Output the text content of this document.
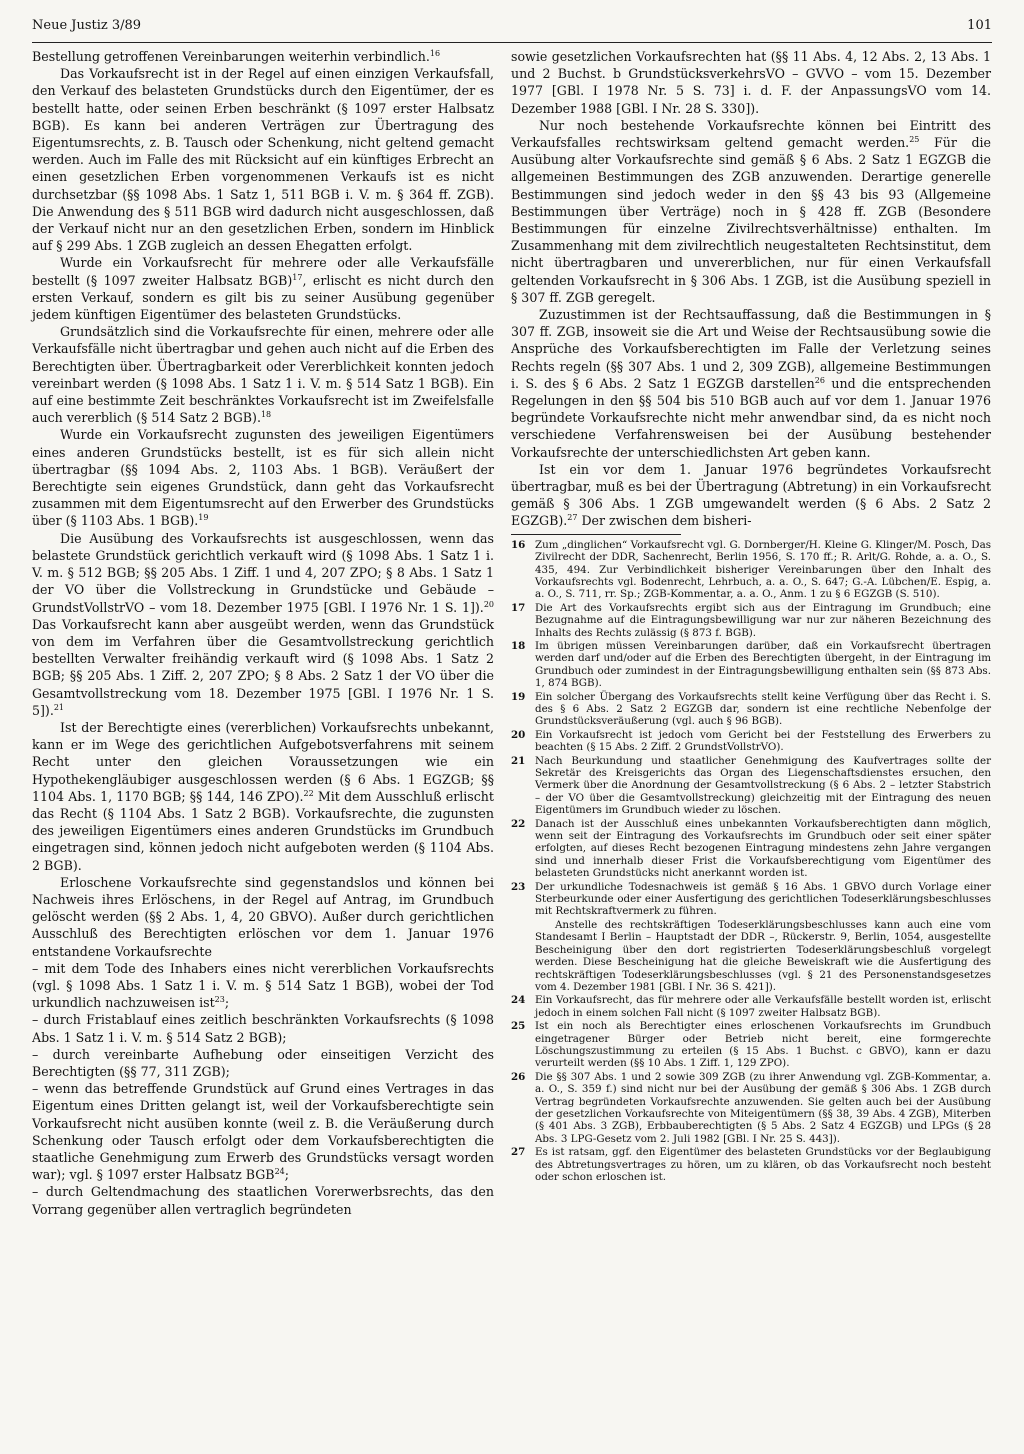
Neue Justiz 3/89	101

Bestellung getroffenen Vereinbarungen weiterhin verbindlich.$^{16}$

Das Vorkaufsrecht ist in der Regel auf einen einzigen Verkaufsfall, den Verkauf des belasteten Grundstücks durch den Eigentümer, der es bestellt hatte, oder seinen Erben beschränkt (§ 1097 erster Halbsatz BGB). Es kann bei anderen Verträgen zur Übertragung des Eigentumsrechts, z. B. Tausch oder Schenkung, nicht geltend gemacht werden. Auch im Falle des mit Rücksicht auf ein künftiges Erbrecht an einen gesetzlichen Erben vorgenommenen Verkaufs ist es nicht durchsetzbar (§§ 1098 Abs. 1 Satz 1, 511 BGB i. V. m. § 364 ff. ZGB). Die Anwendung des § 511 BGB wird dadurch nicht ausgeschlossen, daß der Verkauf nicht nur an den gesetzlichen Erben, sondern im Hinblick auf § 299 Abs. 1 ZGB zugleich an dessen Ehegatten erfolgt.

Wurde ein Vorkaufsrecht für mehrere oder alle Verkaufsfälle bestellt (§ 1097 zweiter Halbsatz BGB)$^{17}$, erlischt es nicht durch den ersten Verkauf, sondern es gilt bis zu seiner Ausübung gegenüber jedem künftigen Eigentümer des belasteten Grundstücks.

Grundsätzlich sind die Vorkaufsrechte für einen, mehrere oder alle Verkaufsfälle nicht übertragbar und gehen auch nicht auf die Erben des Berechtigten über. Übertragbarkeit oder Vererblichkeit konnten jedoch vereinbart werden (§ 1098 Abs. 1 Satz 1 i. V. m. § 514 Satz 1 BGB). Ein auf eine bestimmte Zeit beschränktes Vorkaufsrecht ist im Zweifelsfalle auch vererblich (§ 514 Satz 2 BGB).$^{18}$

Wurde ein Vorkaufsrecht zugunsten des jeweiligen Eigentümers eines anderen Grundstücks bestellt, ist es für sich allein nicht übertragbar (§§ 1094 Abs. 2, 1103 Abs. 1 BGB). Veräußert der Berechtigte sein eigenes Grundstück, dann geht das Vorkaufsrecht zusammen mit dem Eigentumsrecht auf den Erwerber des Grundstücks über (§ 1103 Abs. 1 BGB).$^{19}$

Die Ausübung des Vorkaufsrechts ist ausgeschlossen, wenn das belastete Grundstück gerichtlich verkauft wird (§ 1098 Abs. 1 Satz 1 i. V. m. § 512 BGB; §§ 205 Abs. 1 Ziff. 1 und 4, 207 ZPO; § 8 Abs. 1 Satz 1 der VO über die Vollstreckung in Grundstücke und Gebäude – GrundstVollstrVO – vom 18. Dezember 1975 [GBl. I 1976 Nr. 1 S. 1]).$^{20}$ Das Vorkaufsrecht kann aber ausgeübt werden, wenn das Grundstück von dem im Verfahren über die Gesamtvollstreckung gerichtlich bestellten Verwalter freihändig verkauft wird (§ 1098 Abs. 1 Satz 2 BGB; §§ 205 Abs. 1 Ziff. 2, 207 ZPO; § 8 Abs. 2 Satz 1 der VO über die Gesamtvollstreckung vom 18. Dezember 1975 [GBl. I 1976 Nr. 1 S. 5]).$^{21}$

Ist der Berechtigte eines (vererblichen) Vorkaufsrechts unbekannt, kann er im Wege des gerichtlichen Aufgebotsverfahrens mit seinem Recht unter den gleichen Voraussetzungen wie ein Hypothekengläubiger ausgeschlossen werden (§ 6 Abs. 1 EGZGB; §§ 1104 Abs. 1, 1170 BGB; §§ 144, 146 ZPO).$^{22}$ Mit dem Ausschluß erlischt das Recht (§ 1104 Abs. 1 Satz 2 BGB). Vorkaufsrechte, die zugunsten des jeweiligen Eigentümers eines anderen Grundstücks im Grundbuch eingetragen sind, können jedoch nicht aufgeboten werden (§ 1104 Abs. 2 BGB).

Erloschene Vorkaufsrechte sind gegenstandslos und können bei Nachweis ihres Erlöschens, in der Regel auf Antrag, im Grundbuch gelöscht werden (§§ 2 Abs. 1, 4, 20 GBVO). Außer durch gerichtlichen Ausschluß des Berechtigten erlöschen vor dem 1. Januar 1976 entstandene Vorkaufsrechte

– mit dem Tode des Inhabers eines nicht vererblichen Vorkaufsrechts (vgl. § 1098 Abs. 1 Satz 1 i. V. m. § 514 Satz 1 BGB), wobei der Tod urkundlich nachzuweisen ist$^{23}$;

– durch Fristablauf eines zeitlich beschränkten Vorkaufsrechts (§ 1098 Abs. 1 Satz 1 i. V. m. § 514 Satz 2 BGB);

– durch vereinbarte Aufhebung oder einseitigen Verzicht des Berechtigten (§§ 77, 311 ZGB);

– wenn das betreffende Grundstück auf Grund eines Vertrages in das Eigentum eines Dritten gelangt ist, weil der Vorkaufsberechtigte sein Vorkaufsrecht nicht ausüben konnte (weil z. B. die Veräußerung durch Schenkung oder Tausch erfolgt oder dem Vorkaufsberechtigten die staatliche Genehmigung zum Erwerb des Grundstücks versagt worden war); vgl. § 1097 erster Halbsatz BGB$^{24}$;

– durch Geltendmachung des staatlichen Vorerwerbsrechts, das den Vorrang gegenüber allen vertraglich begründeten

sowie gesetzlichen Vorkaufsrechten hat (§§ 11 Abs. 4, 12 Abs. 2, 13 Abs. 1 und 2 Buchst. b GrundstücksverkehrsVO – GVVO – vom 15. Dezember 1977 [GBl. I 1978 Nr. 5 S. 73] i. d. F. der AnpassungsVO vom 14. Dezember 1988 [GBl. I Nr. 28 S. 330]).

Nur noch bestehende Vorkaufsrechte können bei Eintritt des Verkaufsfalles rechtswirksam geltend gemacht werden.$^{25}$ Für die Ausübung alter Vorkaufsrechte sind gemäß § 6 Abs. 2 Satz 1 EGZGB die allgemeinen Bestimmungen des ZGB anzuwenden. Derartige generelle Bestimmungen sind jedoch weder in den §§ 43 bis 93 (Allgemeine Bestimmungen über Verträge) noch in § 428 ff. ZGB (Besondere Bestimmungen für einzelne Zivilrechtsverhältnisse) enthalten. Im Zusammenhang mit dem zivilrechtlich neugestalteten Rechtsinstitut, dem nicht übertragbaren und unvererblichen, nur für einen Verkaufsfall geltenden Vorkaufsrecht in § 306 Abs. 1 ZGB, ist die Ausübung speziell in § 307 ff. ZGB geregelt.

Zuzustimmen ist der Rechtsauffassung, daß die Bestimmungen in § 307 ff. ZGB, insoweit sie die Art und Weise der Rechtsausübung sowie die Ansprüche des Vorkaufsberechtigten im Falle der Verletzung seines Rechts regeln (§§ 307 Abs. 1 und 2, 309 ZGB), allgemeine Bestimmungen i. S. des § 6 Abs. 2 Satz 1 EGZGB darstellen$^{26}$ und die entsprechenden Regelungen in den §§ 504 bis 510 BGB auch auf vor dem 1. Januar 1976 begründete Vorkaufsrechte nicht mehr anwendbar sind, da es nicht noch verschiedene Verfahrensweisen bei der Ausübung bestehender Vorkaufsrechte der unterschiedlichsten Art geben kann.

Ist ein vor dem 1. Januar 1976 begründetes Vorkaufsrecht übertragbar, muß es bei der Übertragung (Abtretung) in ein Vorkaufsrecht gemäß § 306 Abs. 1 ZGB umgewandelt werden (§ 6 Abs. 2 Satz 2 EGZGB).$^{27}$ Der zwischen dem bisheri-

16 Zum „dinglichen“ Vorkaufsrecht vgl. G. Dornberger/H. Kleine G. Klinger/M. Posch, Das Zivilrecht der DDR, Sachenrecht, Berlin 1956, S. 170 ff.; R. Arlt/G. Rohde, a. a. O., S. 435, 494. Zur Verbindlichkeit bisheriger Vereinbarungen über den Inhalt des Vorkaufsrechts vgl. Bodenrecht, Lehrbuch, a. a. O., S. 647; G.-A. Lübchen/E. Espig, a. a. O., S. 711, rr. Sp.; ZGB-Kommentar, a. a. O., Anm. 1 zu § 6 EGZGB (S. 510).
17 Die Art des Vorkaufsrechts ergibt sich aus der Eintragung im Grundbuch; eine Bezugnahme auf die Eintragungsbewilligung war nur zur näheren Bezeichnung des Inhalts des Rechts zulässig (§ 873 f. BGB).
18 Im übrigen müssen Vereinbarungen darüber, daß ein Vorkaufsrecht übertragen werden darf und/oder auf die Erben des Berechtigten übergeht, in der Eintragung im Grundbuch oder zumindest in der Eintragungsbewilligung enthalten sein (§§ 873 Abs. 1, 874 BGB).
19 Ein solcher Übergang des Vorkaufsrechts stellt keine Verfügung über das Recht i. S. des § 6 Abs. 2 Satz 2 EGZGB dar, sondern ist eine rechtliche Nebenfolge der Grundstücksveräußerung (vgl. auch § 96 BGB).
20 Ein Vorkaufsrecht ist jedoch vom Gericht bei der Feststellung des Erwerbers zu beachten (§ 15 Abs. 2 Ziff. 2 GrundstVollstrVO).
21 Nach Beurkundung und staatlicher Genehmigung des Kaufvertrages sollte der Sekretär des Kreisgerichts das Organ des Liegenschaftsdienstes ersuchen, den Vermerk über die Anordnung der Gesamtvollstreckung (§ 6 Abs. 2 – letzter Stabstrich – der VO über die Gesamtvollstreckung) gleichzeitig mit der Eintragung des neuen Eigentümers im Grundbuch wieder zu löschen.
22 Danach ist der Ausschluß eines unbekannten Vorkaufsberechtigten dann möglich, wenn seit der Eintragung des Vorkaufsrechts im Grundbuch oder seit einer später erfolgten, auf dieses Recht bezogenen Eintragung mindestens zehn Jahre vergangen sind und innerhalb dieser Frist die Vorkaufsberechtigung vom Eigentümer des belasteten Grundstücks nicht anerkannt worden ist.
23 Der urkundliche Todesnachweis ist gemäß § 16 Abs. 1 GBVO durch Vorlage einer Sterbeurkunde oder einer Ausfertigung des gerichtlichen Todeserklärungsbeschlusses mit Rechtskraftvermerk zu führen.
Anstelle des rechtskräftigen Todeserklärungsbeschlusses kann auch eine vom Standesamt I Berlin – Hauptstadt der DDR –, Rückerstr. 9, Berlin, 1054, ausgestellte Bescheinigung über den dort registrierten Todeserklärungsbeschluß vorgelegt werden. Diese Bescheinigung hat die gleiche Beweiskraft wie die Ausfertigung des rechtskräftigen Todeserklärungsbeschlusses (vgl. § 21 des Personenstandsgesetzes vom 4. Dezember 1981 [GBl. I Nr. 36 S. 421]).
24 Ein Vorkaufsrecht, das für mehrere oder alle Verkaufsfälle bestellt worden ist, erlischt jedoch in einem solchen Fall nicht (§ 1097 zweiter Halbsatz BGB).
25 Ist ein noch als Berechtigter eines erloschenen Vorkaufsrechts im Grundbuch eingetragener Bürger oder Betrieb nicht bereit, eine formgerechte Löschungszustimmung zu erteilen (§ 15 Abs. 1 Buchst. c GBVO), kann er dazu verurteilt werden (§§ 10 Abs. 1 Ziff. 1, 129 ZPO).
26 Die §§ 307 Abs. 1 und 2 sowie 309 ZGB (zu ihrer Anwendung vgl. ZGB-Kommentar, a. a. O., S. 359 f.) sind nicht nur bei der Ausübung der gemäß § 306 Abs. 1 ZGB durch Vertrag begründeten Vorkaufsrechte anzuwenden. Sie gelten auch bei der Ausübung der gesetzlichen Vorkaufsrechte von Miteigentümern (§§ 38, 39 Abs. 4 ZGB), Miterben (§ 401 Abs. 3 ZGB), Erbbauberechtigten (§ 5 Abs. 2 Satz 4 EGZGB) und LPGs (§ 28 Abs. 3 LPG-Gesetz vom 2. Juli 1982 [GBl. I Nr. 25 S. 443]).
27 Es ist ratsam, ggf. den Eigentümer des belasteten Grundstücks vor der Beglaubigung des Abtretungsvertrages zu hören, um zu klären, ob das Vorkaufsrecht noch besteht oder schon erloschen ist.
